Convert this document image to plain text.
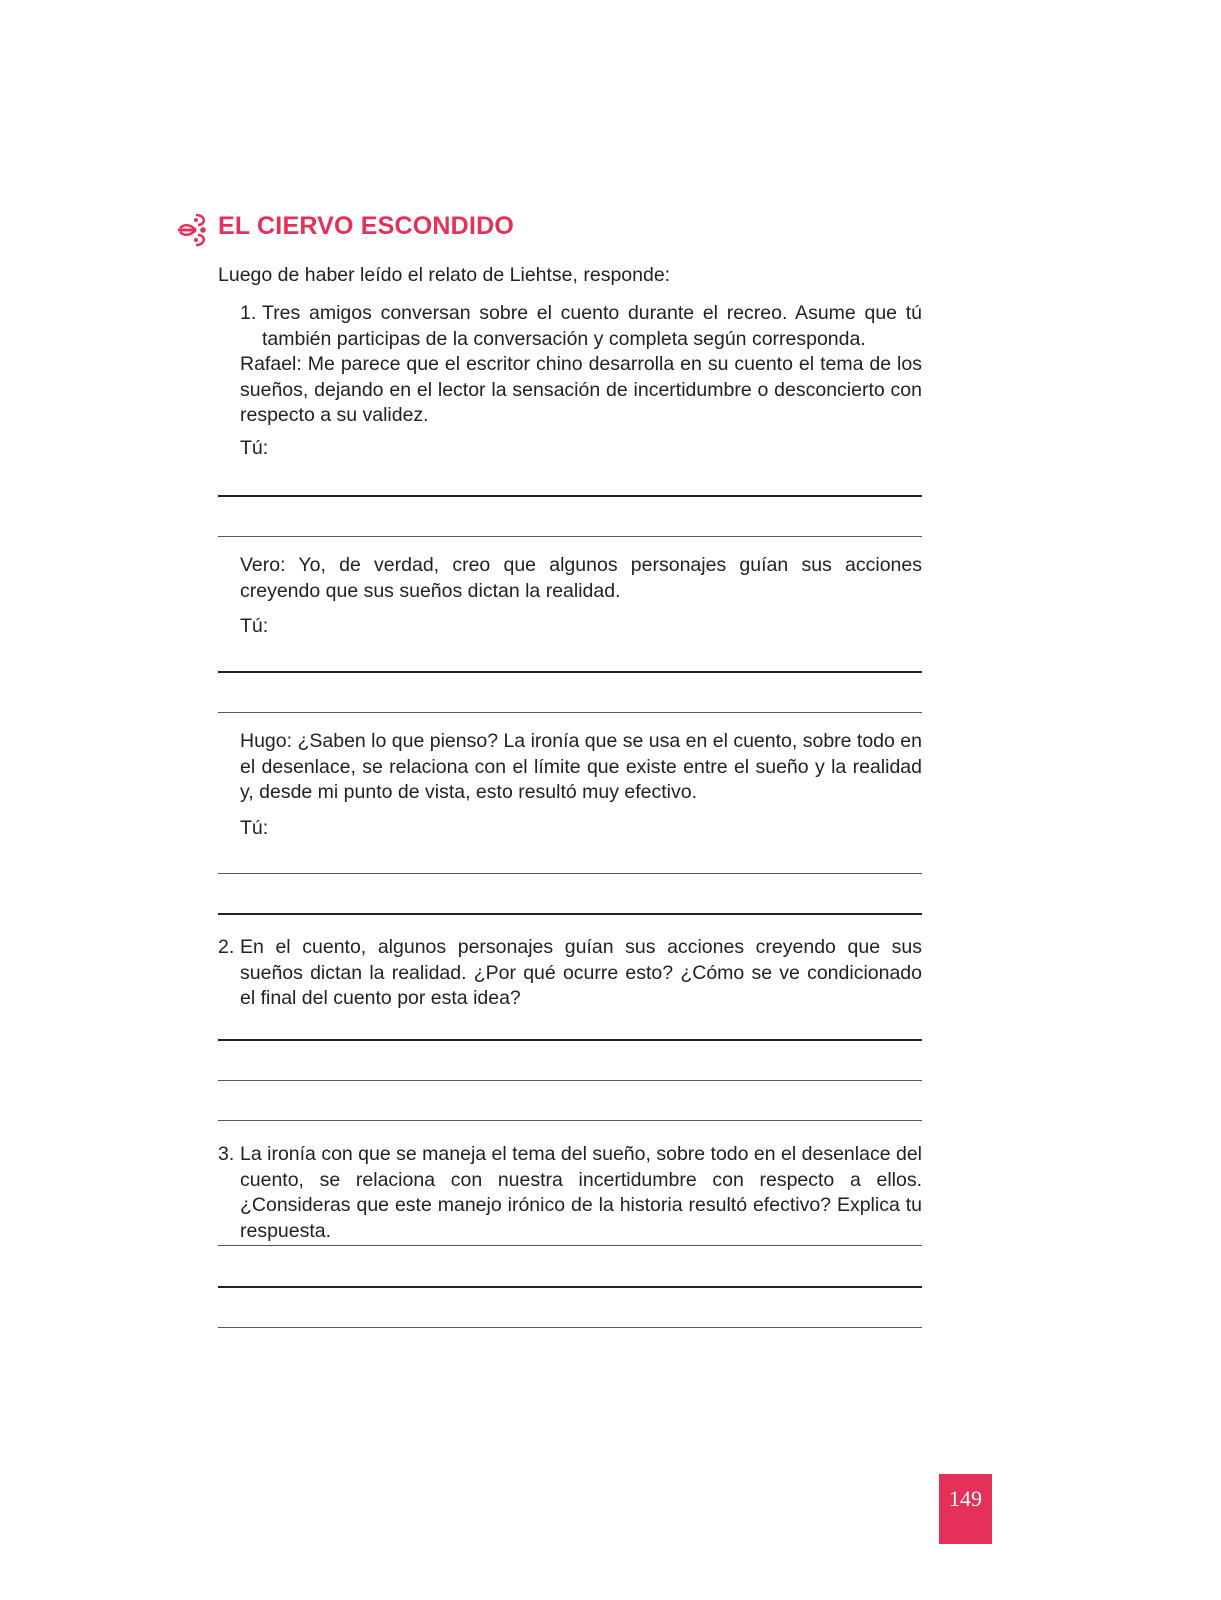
EL CIERVO ESCONDIDO
Luego de haber leído el relato de Liehtse, responde:
1. Tres amigos conversan sobre el cuento durante el recreo. Asume que tú también participas de la conversación y completa según corresponda.
Rafael: Me parece que el escritor chino desarrolla en su cuento el tema de los sueños, dejando en el lector la sensación de incertidumbre o desconcierto con respecto a su validez.
Tú:
Vero: Yo, de verdad, creo que algunos personajes guían sus acciones creyendo que sus sueños dictan la realidad.
Tú:
Hugo: ¿Saben lo que pienso? La ironía que se usa en el cuento, sobre todo en el desenlace, se relaciona con el límite que existe entre el sueño y la realidad y, desde mi punto de vista, esto resultó muy efectivo.
Tú:
2. En el cuento, algunos personajes guían sus acciones creyendo que sus sueños dictan la realidad. ¿Por qué ocurre esto? ¿Cómo se ve condicionado el final del cuento por esta idea?
3. La ironía con que se maneja el tema del sueño, sobre todo en el desenlace del cuento, se relaciona con nuestra incertidumbre con respecto a ellos. ¿Consideras que este manejo irónico de la historia resultó efectivo? Explica tu respuesta.
149
